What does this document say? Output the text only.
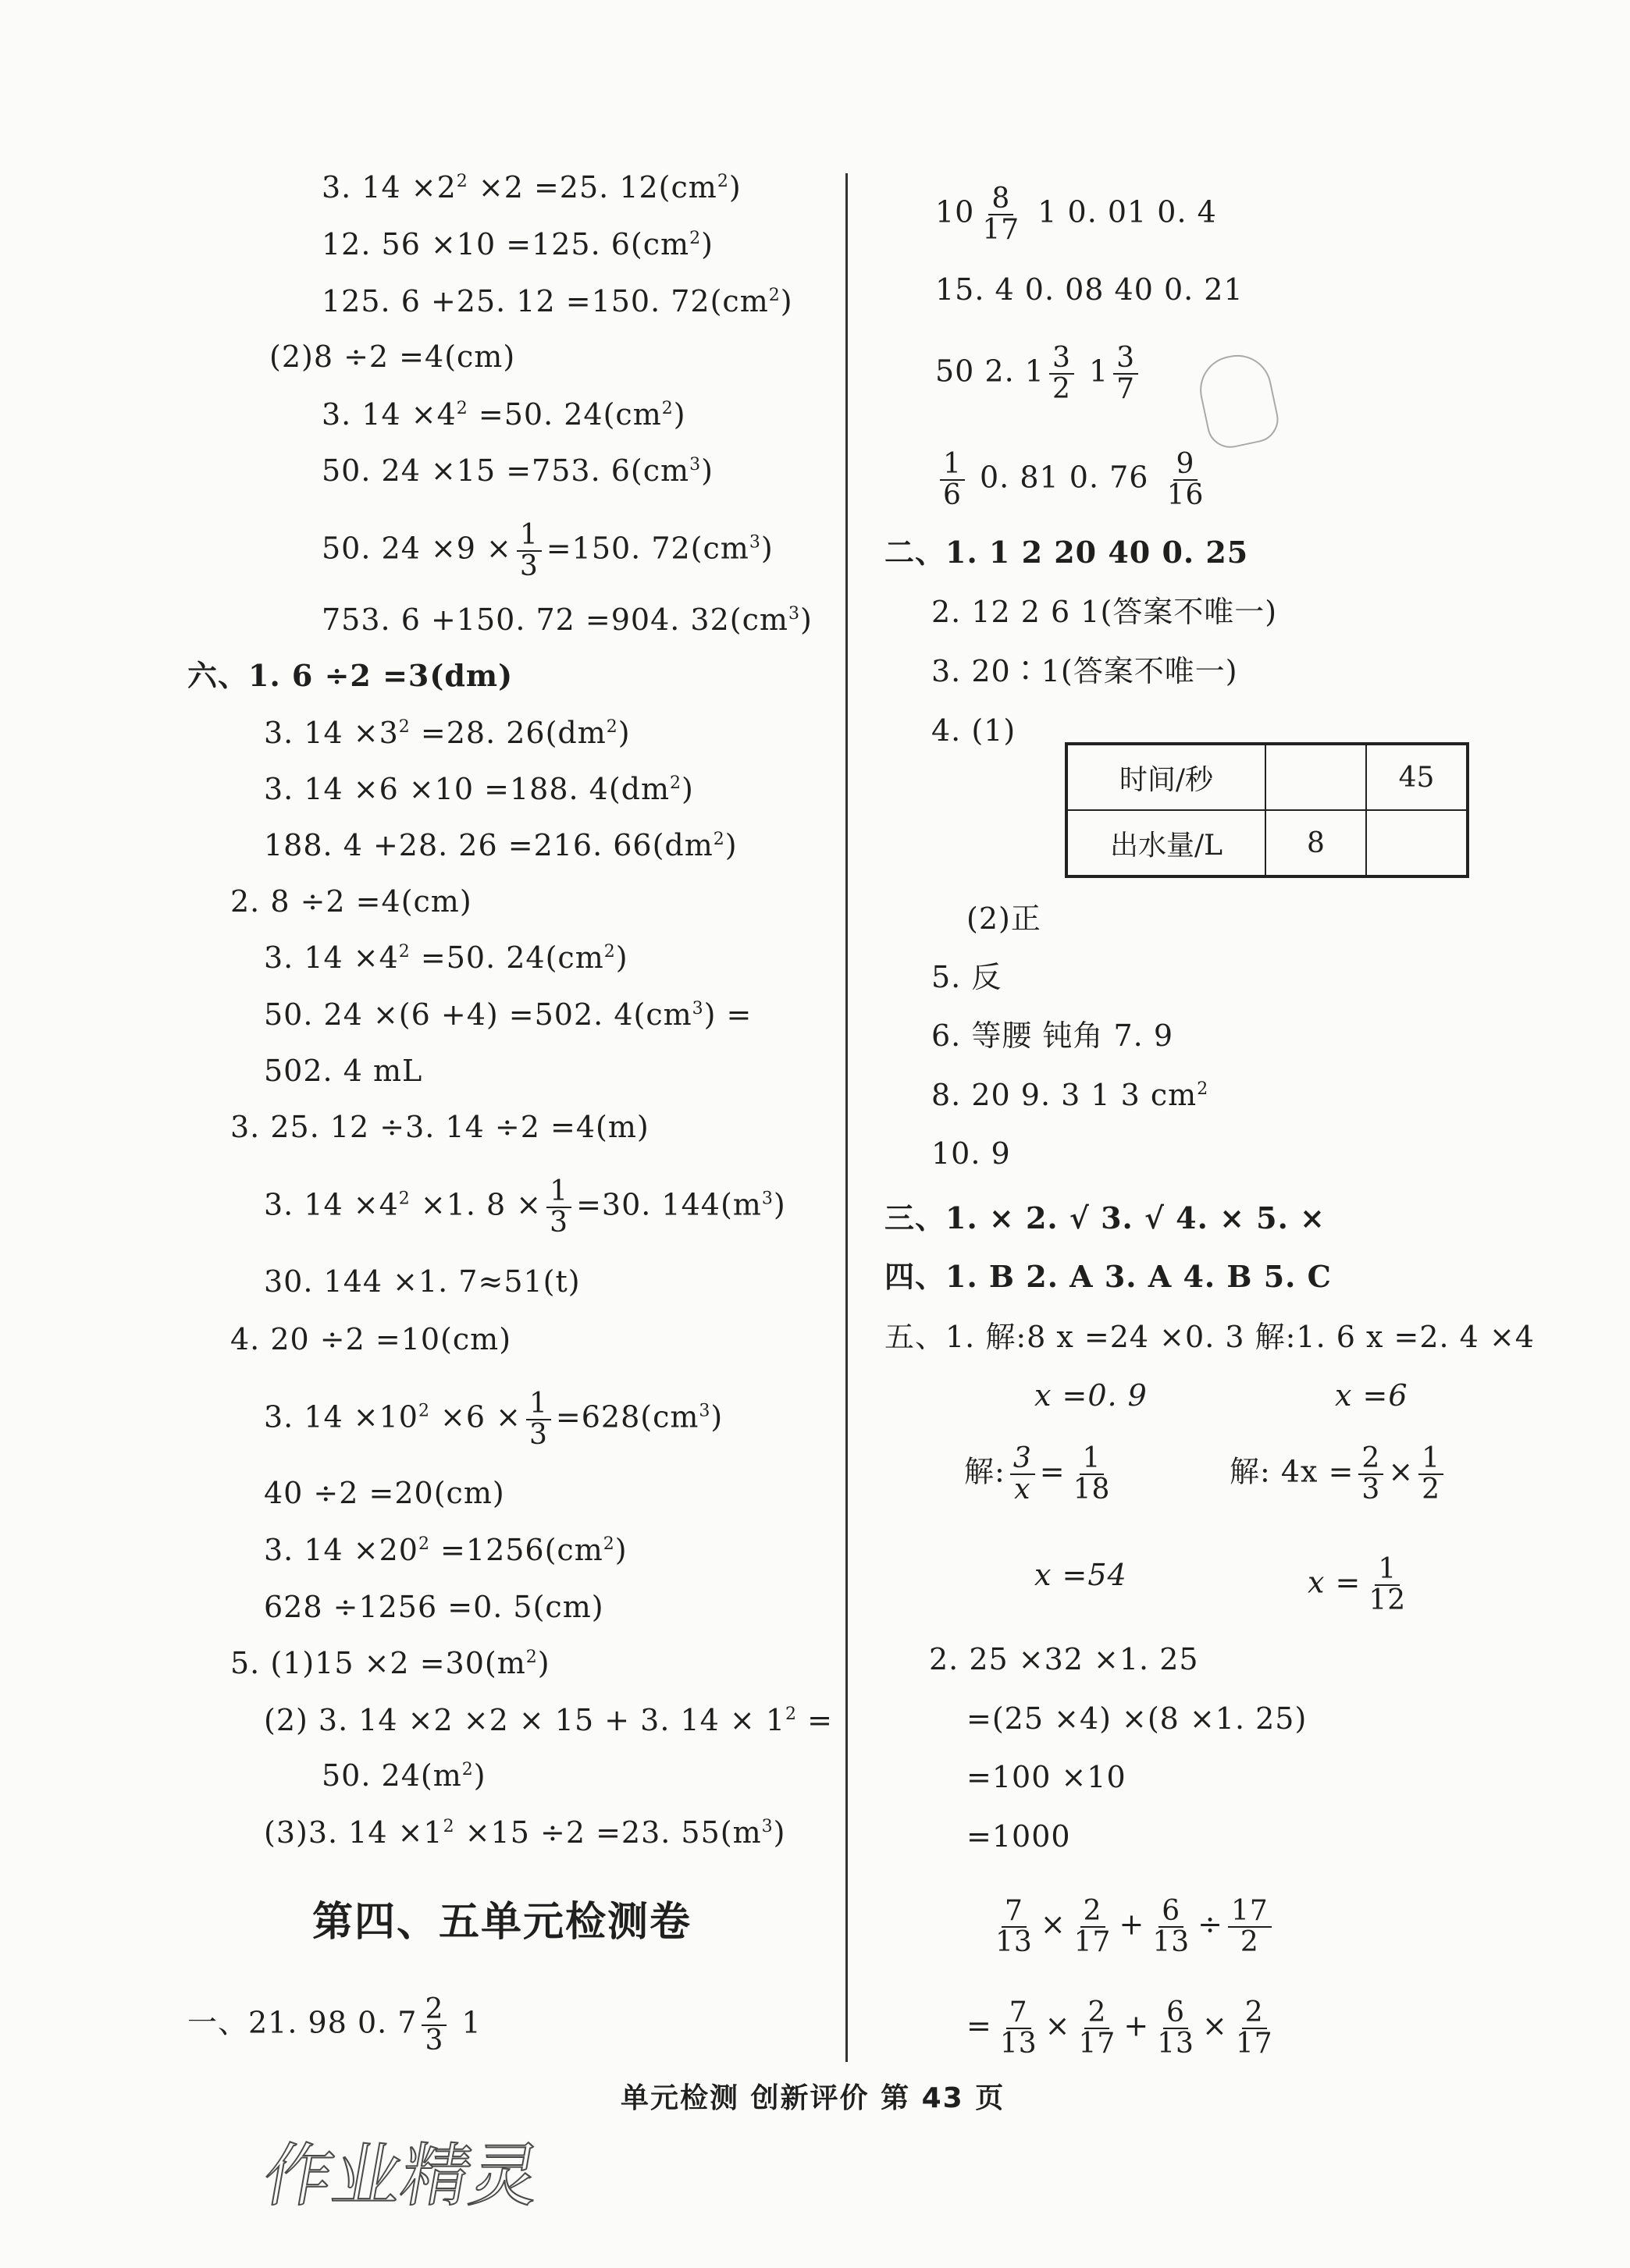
3. $14 \times 2^2 \times 2 =25$. $12(cm^2)$
12. 56 ×10 =125. $6(cm^2)$
125. 6 +25. 12 =150. $72(cm^2)$
(2)8 ÷2 =4(cm)
3. $14 \times 4^2 =50$. $24(cm^2)$
50. 24 ×15 =753. $6(cm^3)$
50. $24 \times 9 \times \frac{1}{3} =150$. $72(cm^3)$
753. 6 +150. 72 =904. $32(cm^3)$
六、1. 6 ÷2 =3(dm)
3. $14 \times 3^2 =28$. $26(dm^2)$
3. 14 ×6 ×10 =188. $4(dm^2)$
188. 4 +28. 26 =216. $66(dm^2)$
2. 8 ÷2 =4(cm)
3. $14 \times 4^2 =50$. $24(cm^2)$
50. 24 ×(6 +4) =502. $4(cm^3)$ =
502. 4 mL
3. 25. 12 ÷3. 14 ÷2 =4(m)
3. $14 \times 4^2 \times 1$. $8 \times \frac{1}{3} =30$. $144(m^3)$
30. 144 ×1. 7≈51(t)
4. 20 ÷2 =10(cm)
3. $14 \times 10^2 \times 6 \times \frac{1}{3} =628(cm^3)$
40 ÷2 =20(cm)
3. $14 \times 20^2 =1256(cm^2)$
628 ÷1256 =0. 5(cm)
5. $(1)15 \times 2 =30(m^2)$
(2) 3. 14 ×2 ×2 × 15 + 3. $14 \times 1^2$ =
50. $24(m^2)$
(3)3. $14 \times 1^2 \times 15 \div 2 =23$. $55(m^3)$
第四、五单元检测卷
一、21. 98 0. $7 \frac{2}{3} 1$
$10 \frac{8}{17} 1$ 0. 01 0. 4
15. 4 0. 08 40 0. 21
50 2. $1 \frac{3}{2} 1 \frac{3}{7}$
$\frac{1}{6} 0$. 81 0. $76 \frac{9}{16}$
二、1. 1 2 20 40 0. 25
2. 12 2 6 1(答案不唯一)
3. 20∶1(答案不唯一)
4. (1)
时间/秒		45
出水量/L	8	
(2)正
5. 反
6. 等腰 钝角 7. 9
8. 20 9. 3 1 3 $cm^2$
10. 9
三、1. × 2. √ 3. √ 4. × 5. ×
四、1. B 2. A 3. A 4. B 5. C
五、1. 解:8 x =24 ×0. 3 解:1. 6 x =2. 4 ×4
x =0. 9	x =6
解: $\frac{3}{x} = \frac{1}{18}$	解: $4x = \frac{2}{3} \times \frac{1}{2}$
x =54	$x = \frac{1}{12}$
2. 25 ×32 ×1. 25
=(25 ×4) ×(8 ×1. 25)
=100 ×10
=1000
$\frac{7}{13} \times \frac{2}{17} + \frac{6}{13} \div \frac{17}{2}$
= $\frac{7}{13} \times \frac{2}{17} + \frac{6}{13} \times \frac{2}{17}$
单元检测 创新评价 第 43 页
作业精灵
